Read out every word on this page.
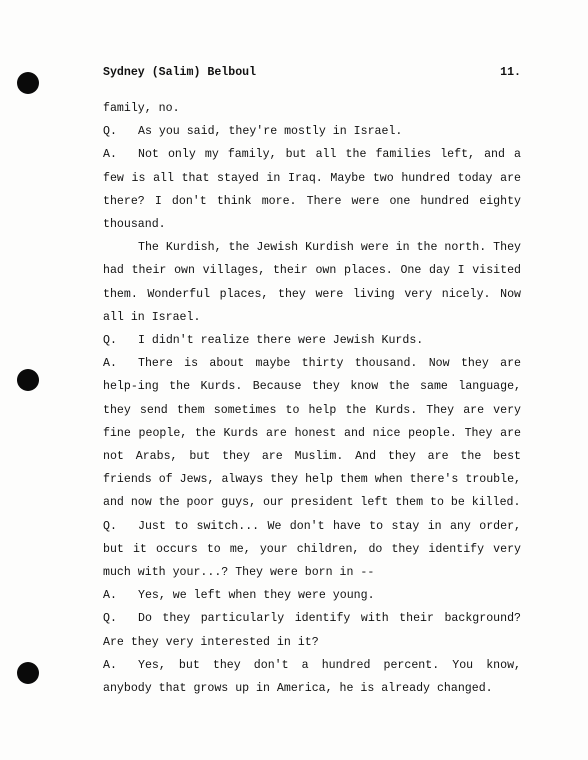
Sydney (Salim) Belboul	11.

family, no.

Q. As you said, they're mostly in Israel.

A. Not only my family, but all the families left, and a few is all that stayed in Iraq. Maybe two hundred today are there? I don't think more. There were one hundred eighty thousand.

The Kurdish, the Jewish Kurdish were in the north. They had their own villages, their own places. One day I visited them. Wonderful places, they were living very nicely. Now all in Israel.

Q. I didn't realize there were Jewish Kurds.

A. There is about maybe thirty thousand. Now they are help-ing the Kurds. Because they know the same language, they send them sometimes to help the Kurds. They are very fine people, the Kurds are honest and nice people. They are not Arabs, but they are Muslim. And they are the best friends of Jews, always they help them when there's trouble, and now the poor guys, our president left them to be killed.

Q. Just to switch... We don't have to stay in any order, but it occurs to me, your children, do they identify very much with your...? They were born in --

A. Yes, we left when they were young.

Q. Do they particularly identify with their background? Are they very interested in it?

A. Yes, but they don't a hundred percent. You know, anybody that grows up in America, he is already changed.
